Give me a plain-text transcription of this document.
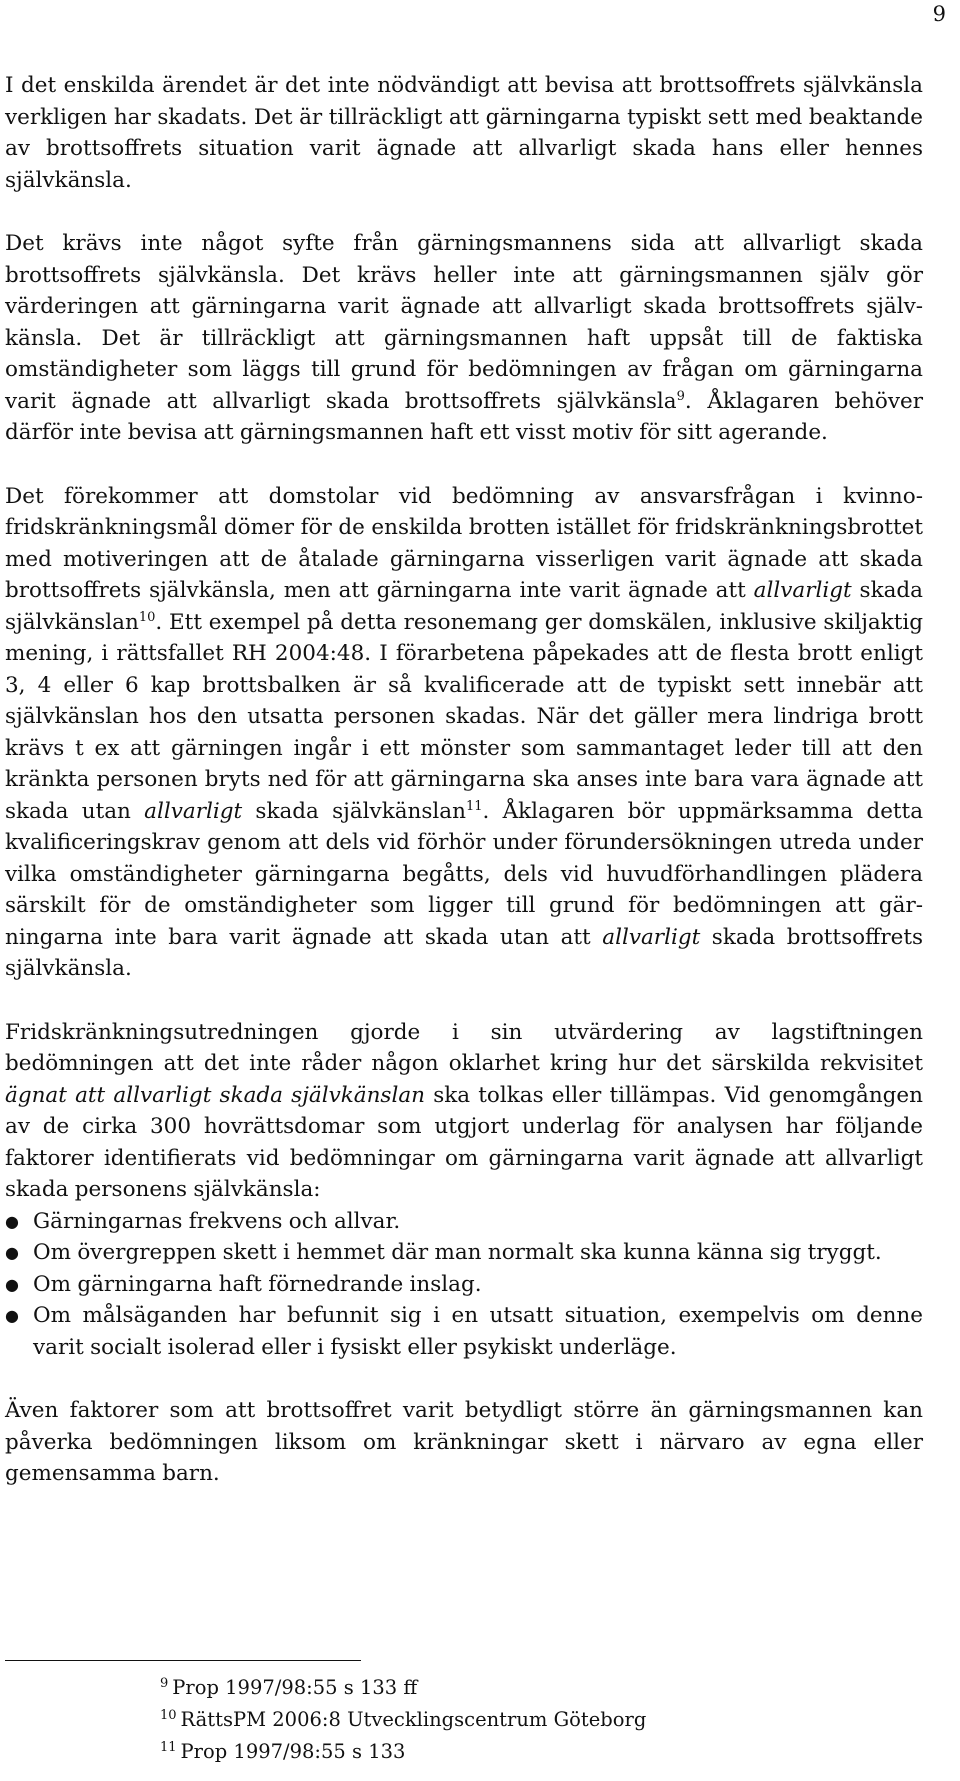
9

I det enskilda ärendet är det inte nödvändigt att bevisa att brottsoffrets självkänsla verkligen har skadats. Det är tillräckligt att gärningarna typiskt sett med beaktande av brottsoffrets situation varit ägnade att allvarligt skada hans eller hennes självkänsla.

Det krävs inte något syfte från gärningsmannens sida att allvarligt skada brottsoffrets självkänsla. Det krävs heller inte att gärningsmannen själv gör värderingen att gärningarna varit ägnade att allvarligt skada brottsoffrets självkänsla. Det är tillräckligt att gärningsmannen haft uppsåt till de faktiska omständigheter som läggs till grund för bedömningen av frågan om gärningarna varit ägnade att allvarligt skada brottsoffrets självkänsla$^9$. Åklagaren behöver därför inte bevisa att gärningsmannen haft ett visst motiv för sitt agerande.

Det förekommer att domstolar vid bedömning av ansvarsfrågan i kvinnofridskränkningsmål dömer för de enskilda brotten istället för fridskränkningsbrottet med motiveringen att de åtalade gärningarna visserligen varit ägnade att skada brottsoffrets självkänsla, men att gärningarna inte varit ägnade att allvarligt skada självkänslan$^{10}$. Ett exempel på detta resonemang ger domskälen, inklusive skiljaktig mening, i rättsfallet RH 2004:48. I förarbetena påpekades att de flesta brott enligt 3, 4 eller 6 kap brottsbalken är så kvalificerade att de typiskt sett innebär att självkänslan hos den utsatta personen skadas. När det gäller mera lindriga brott krävs t ex att gärningen ingår i ett mönster som sammantaget leder till att den kränkta personen bryts ned för att gärningarna ska anses inte bara vara ägnade att skada utan allvarligt skada självkänslan$^{11}$. Åklagaren bör uppmärksamma detta kvalificeringskrav genom att dels vid förhör under förundersökningen utreda under vilka omständigheter gärningarna begåtts, dels vid huvudförhandlingen plädera särskilt för de omständigheter som ligger till grund för bedömningen att gärningarna inte bara varit ägnade att skada utan att allvarligt skada brottsoffrets självkänsla.

Fridskränkningsutredningen gjorde i sin utvärdering av lagstiftningen bedömningen att det inte råder någon oklarhet kring hur det särskilda rekvisitet ägnat att allvarligt skada självkänslan ska tolkas eller tillämpas. Vid genomgången av de cirka 300 hovrättsdomar som utgjort underlag för analysen har följande faktorer identifierats vid bedömningar om gärningarna varit ägnade att allvarligt skada personens självkänsla:

● Gärningarnas frekvens och allvar.
● Om övergreppen skett i hemmet där man normalt ska kunna känna sig tryggt.
● Om gärningarna haft förnedrande inslag.
● Om målsäganden har befunnit sig i en utsatt situation, exempelvis om denne varit socialt isolerad eller i fysiskt eller psykiskt underläge.

Även faktorer som att brottsoffret varit betydligt större än gärningsmannen kan påverka bedömningen liksom om kränkningar skett i närvaro av egna eller gemensamma barn.

$^9$ Prop 1997/98:55 s 133 ff
$^{10}$ RättsPM 2006:8 Utvecklingscentrum Göteborg
$^{11}$ Prop 1997/98:55 s 133
